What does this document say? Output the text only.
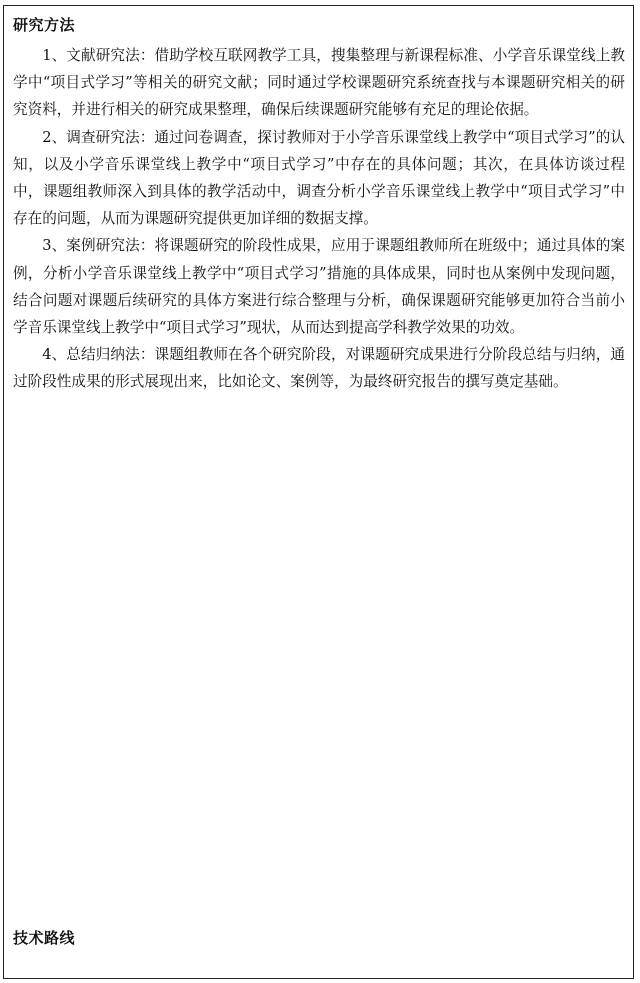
研究方法

1、文献研究法：借助学校互联网教学工具，搜集整理与新课程标准、小学音乐课堂线上教学中“项目式学习”等相关的研究文献；同时通过学校课题研究系统查找与本课题研究相关的研究资料，并进行相关的研究成果整理，确保后续课题研究能够有充足的理论依据。

2、调查研究法：通过问卷调查，探讨教师对于小学音乐课堂线上教学中“项目式学习”的认知，以及小学音乐课堂线上教学中“项目式学习”中存在的具体问题；其次，在具体访谈过程中，课题组教师深入到具体的教学活动中，调查分析小学音乐课堂线上教学中“项目式学习”中存在的问题，从而为课题研究提供更加详细的数据支撑。

3、案例研究法：将课题研究的阶段性成果，应用于课题组教师所在班级中；通过具体的案例，分析小学音乐课堂线上教学中“项目式学习”措施的具体成果，同时也从案例中发现问题，结合问题对课题后续研究的具体方案进行综合整理与分析，确保课题研究能够更加符合当前小学音乐课堂线上教学中“项目式学习”现状，从而达到提高学科教学效果的功效。

4、总结归纳法：课题组教师在各个研究阶段，对课题研究成果进行分阶段总结与归纳，通过阶段性成果的形式展现出来，比如论文、案例等，为最终研究报告的撰写奠定基础。

技术路线
